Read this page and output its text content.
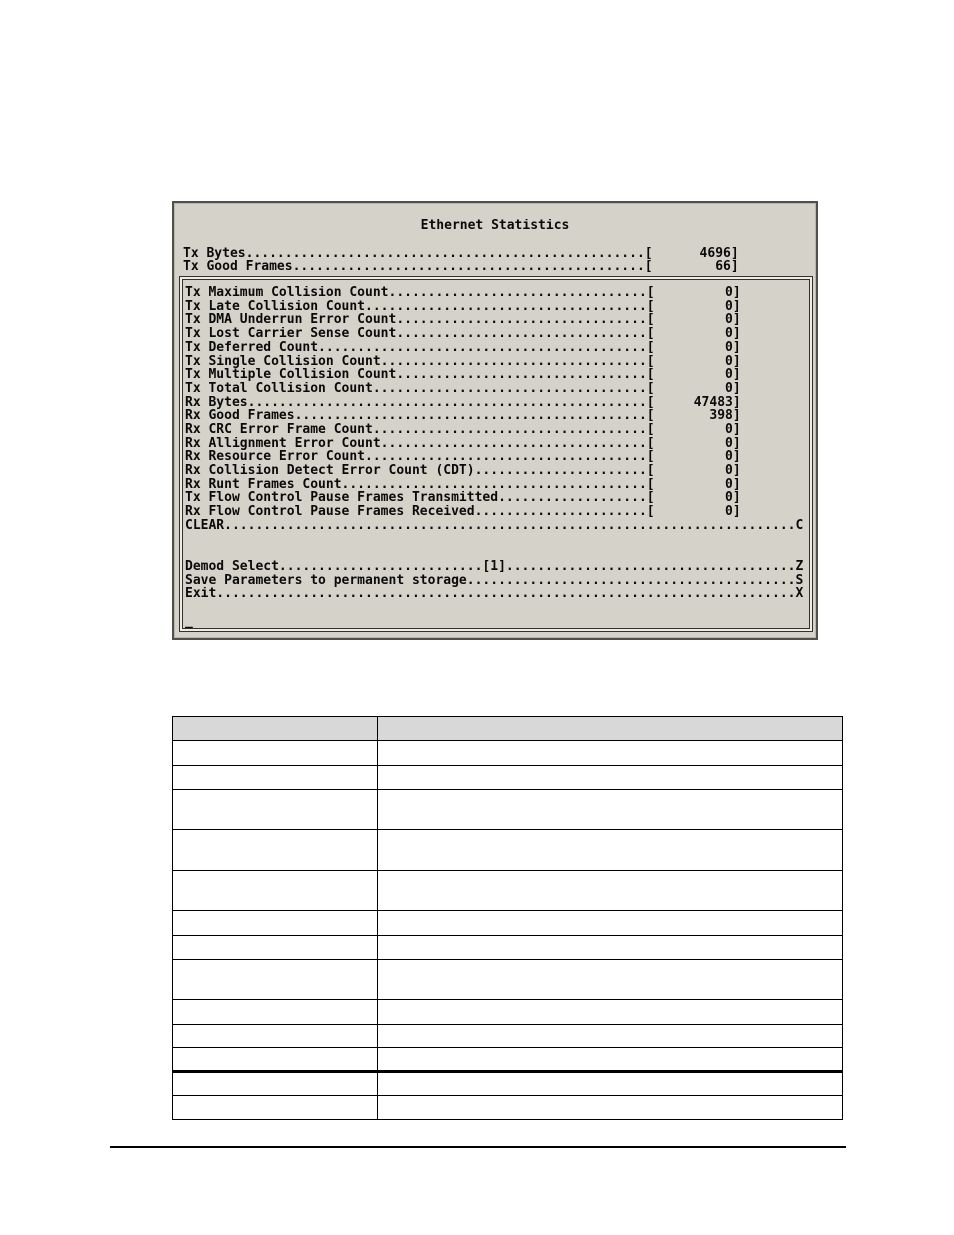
Ethernet Statistics
Tx Bytes...................................................[      4696]
Tx Good Frames.............................................[        66]
Tx Maximum Collision Count.................................[         0]
Tx Late Collision Count....................................[         0]
Tx DMA Underrun Error Count................................[         0]
Tx Lost Carrier Sense Count................................[         0]
Tx Deferred Count..........................................[         0]
Tx Single Collision Count..................................[         0]
Tx Multiple Collision Count................................[         0]
Tx Total Collision Count...................................[         0]
Rx Bytes...................................................[     47483]
Rx Good Frames.............................................[       398]
Rx CRC Error Frame Count...................................[         0]
Rx Allignment Error Count..................................[         0]
Rx Resource Error Count....................................[         0]
Rx Collision Detect Error Count (CDT)......................[         0]
Rx Runt Frames Count.......................................[         0]
Tx Flow Control Pause Frames Transmitted...................[         0]
Rx Flow Control Pause Frames Received......................[         0]
CLEAR.........................................................................C
Demod Select..........................[1].....................................Z
Save Parameters to permanent storage..........................................S
Exit..........................................................................X
_
